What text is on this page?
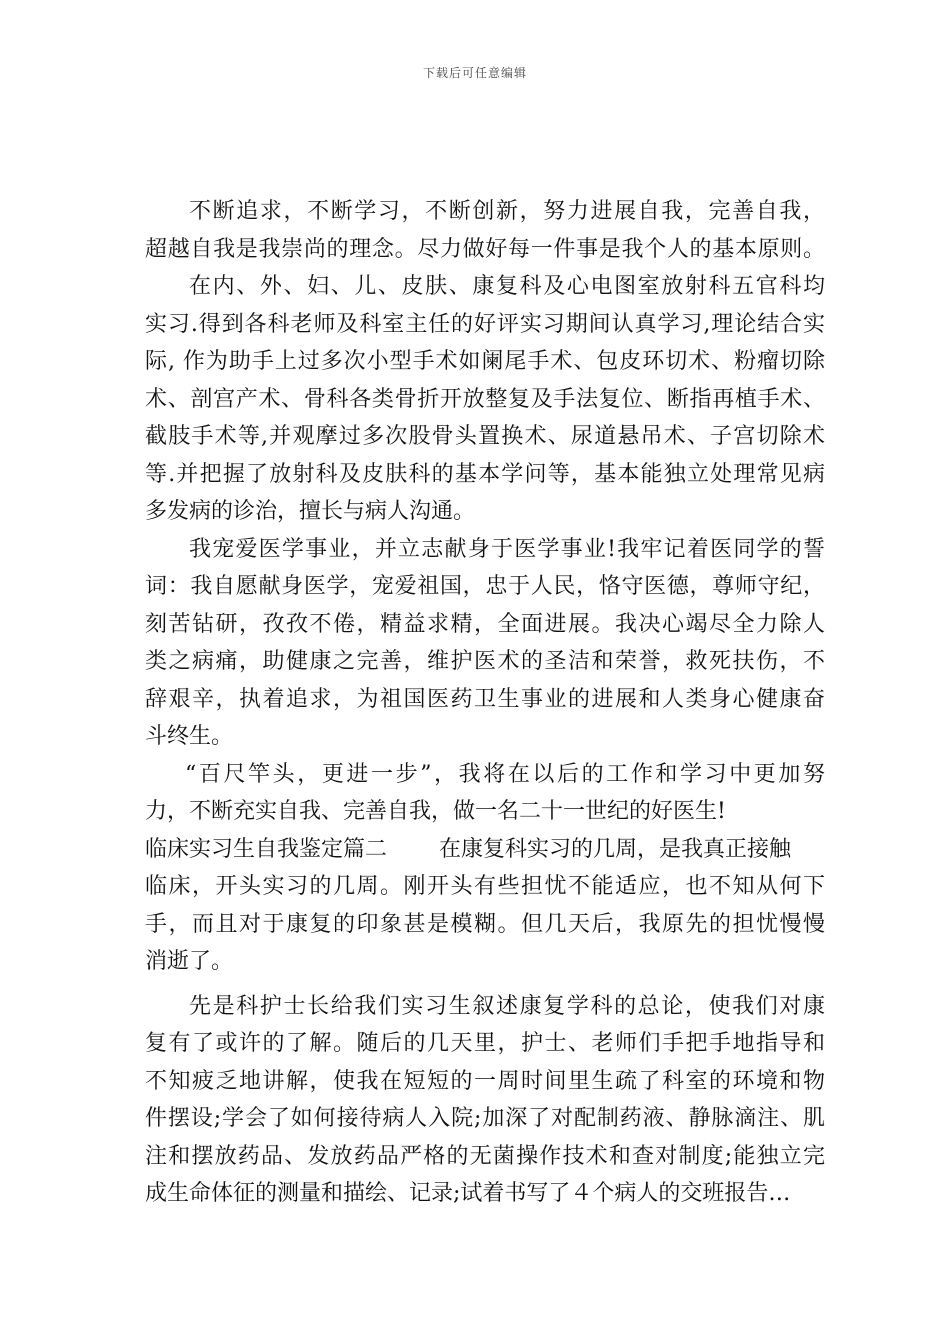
下载后可任意编辑
不断追求，不断学习，不断创新，努力进展自我，完善自我，
超越自我是我崇尚的理念。尽力做好每一件事是我个人的基本原则。
在内、外、妇、儿、皮肤、康复科及心电图室放射科五官科均
实习.得到各科老师及科室主任的好评实习期间认真学习,理论结合实
际, 作为助手上过多次小型手术如阑尾手术、包皮环切术、粉瘤切除
术、剖宫产术、骨科各类骨折开放整复及手法复位、断指再植手术、
截肢手术等,并观摩过多次股骨头置换术、尿道悬吊术、子宫切除术
等.并把握了放射科及皮肤科的基本学问等，基本能独立处理常见病
多发病的诊治，擅长与病人沟通。
我宠爱医学事业，并立志献身于医学事业!我牢记着医同学的誓
词：我自愿献身医学，宠爱祖国，忠于人民，恪守医德，尊师守纪，
刻苦钻研，孜孜不倦，精益求精，全面进展。我决心竭尽全力除人
类之病痛，助健康之完善，维护医术的圣洁和荣誉，救死扶伤，不
辞艰辛，执着追求，为祖国医药卫生事业的进展和人类身心健康奋
斗终生。
“百尺竿头，更进一步”，我将在以后的工作和学习中更加努
力，不断充实自我、完善自我，做一名二十一世纪的好医生!
临床实习生自我鉴定篇二 在康复科实习的几周，是我真正接触
临床，开头实习的几周。刚开头有些担忧不能适应，也不知从何下
手，而且对于康复的印象甚是模糊。但几天后，我原先的担忧慢慢
消逝了。
先是科护士长给我们实习生叙述康复学科的总论，使我们对康
复有了或许的了解。随后的几天里，护士、老师们手把手地指导和
不知疲乏地讲解，使我在短短的一周时间里生疏了科室的环境和物
件摆设;学会了如何接待病人入院;加深了对配制药液、静脉滴注、肌
注和摆放药品、发放药品严格的无菌操作技术和查对制度;能独立完
成生命体征的测量和描绘、记录;试着书写了４个病人的交班报告…
